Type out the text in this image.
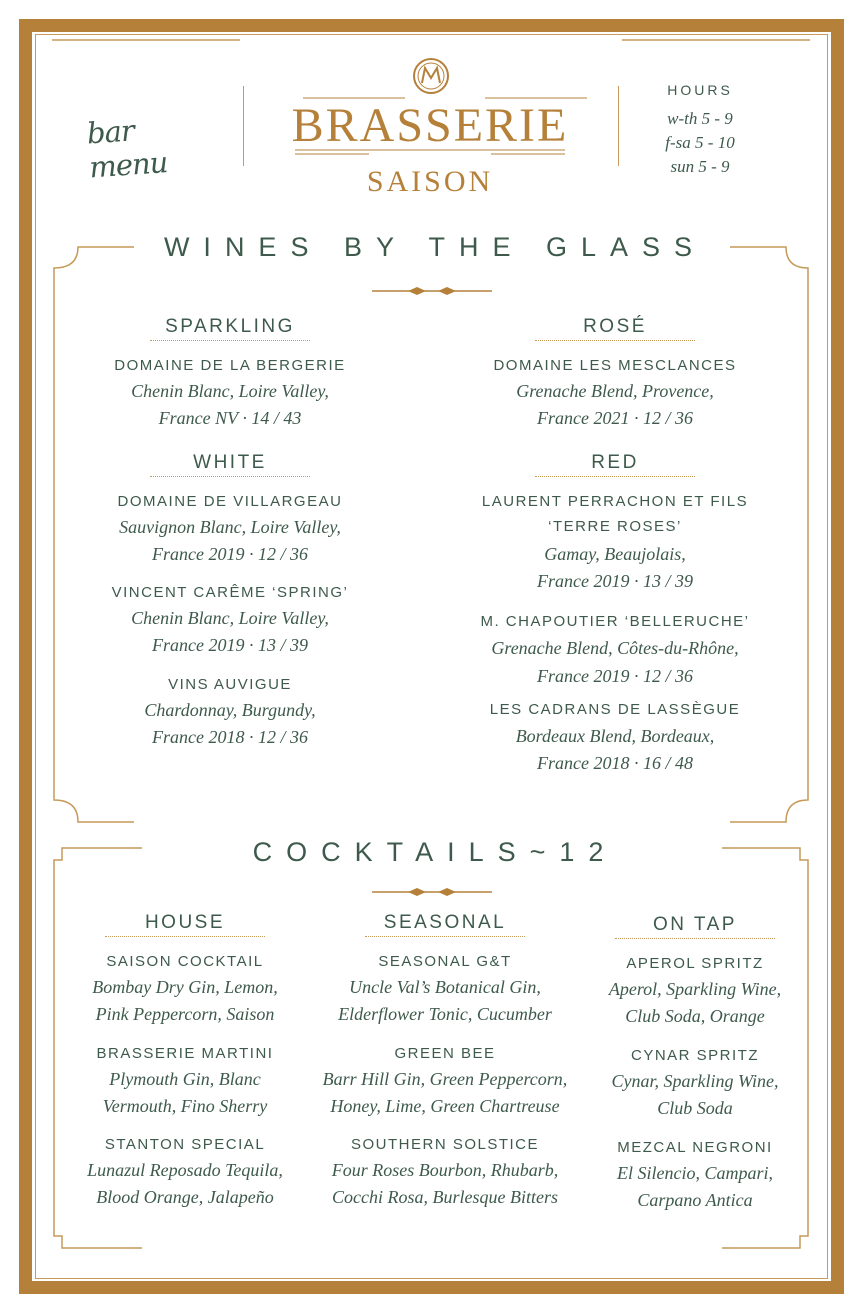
bar menu
BRASSERIE
SAISON
HOURS
w-th 5 - 9
f-sa 5 - 10
sun 5 - 9
WINES BY THE GLASS
SPARKLING
DOMAINE DE LA BERGERIE
Chenin Blanc, Loire Valley,
France NV · 14 / 43
ROSÉ
DOMAINE LES MESCLANCES
Grenache Blend, Provence,
France 2021 · 12 / 36
WHITE
DOMAINE DE VILLARGEAU
Sauvignon Blanc, Loire Valley,
France 2019 · 12 / 36
VINCENT CARÊME ‘SPRING’
Chenin Blanc, Loire Valley,
France 2019 · 13 / 39
VINS AUVIGUE
Chardonnay, Burgundy,
France 2018 · 12 / 36
RED
LAURENT PERRACHON ET FILS
‘TERRE ROSES’
Gamay, Beaujolais,
France 2019 · 13 / 39
M. CHAPOUTIER ‘BELLERUCHE’
Grenache Blend, Côtes-du-Rhône,
France 2019 · 12 / 36
LES CADRANS DE LASSÈGUE
Bordeaux Blend, Bordeaux,
France 2018 · 16 / 48
COCKTAILS~12
HOUSE
SAISON COCKTAIL
Bombay Dry Gin, Lemon,
Pink Peppercorn, Saison
BRASSERIE MARTINI
Plymouth Gin, Blanc
Vermouth, Fino Sherry
STANTON SPECIAL
Lunazul Reposado Tequila,
Blood Orange, Jalapeño
SEASONAL
SEASONAL G&T
Uncle Val’s Botanical Gin,
Elderflower Tonic, Cucumber
GREEN BEE
Barr Hill Gin, Green Peppercorn,
Honey, Lime, Green Chartreuse
SOUTHERN SOLSTICE
Four Roses Bourbon, Rhubarb,
Cocchi Rosa, Burlesque Bitters
ON TAP
APEROL SPRITZ
Aperol, Sparkling Wine,
Club Soda, Orange
CYNAR SPRITZ
Cynar, Sparkling Wine,
Club Soda
MEZCAL NEGRONI
El Silencio, Campari,
Carpano Antica
